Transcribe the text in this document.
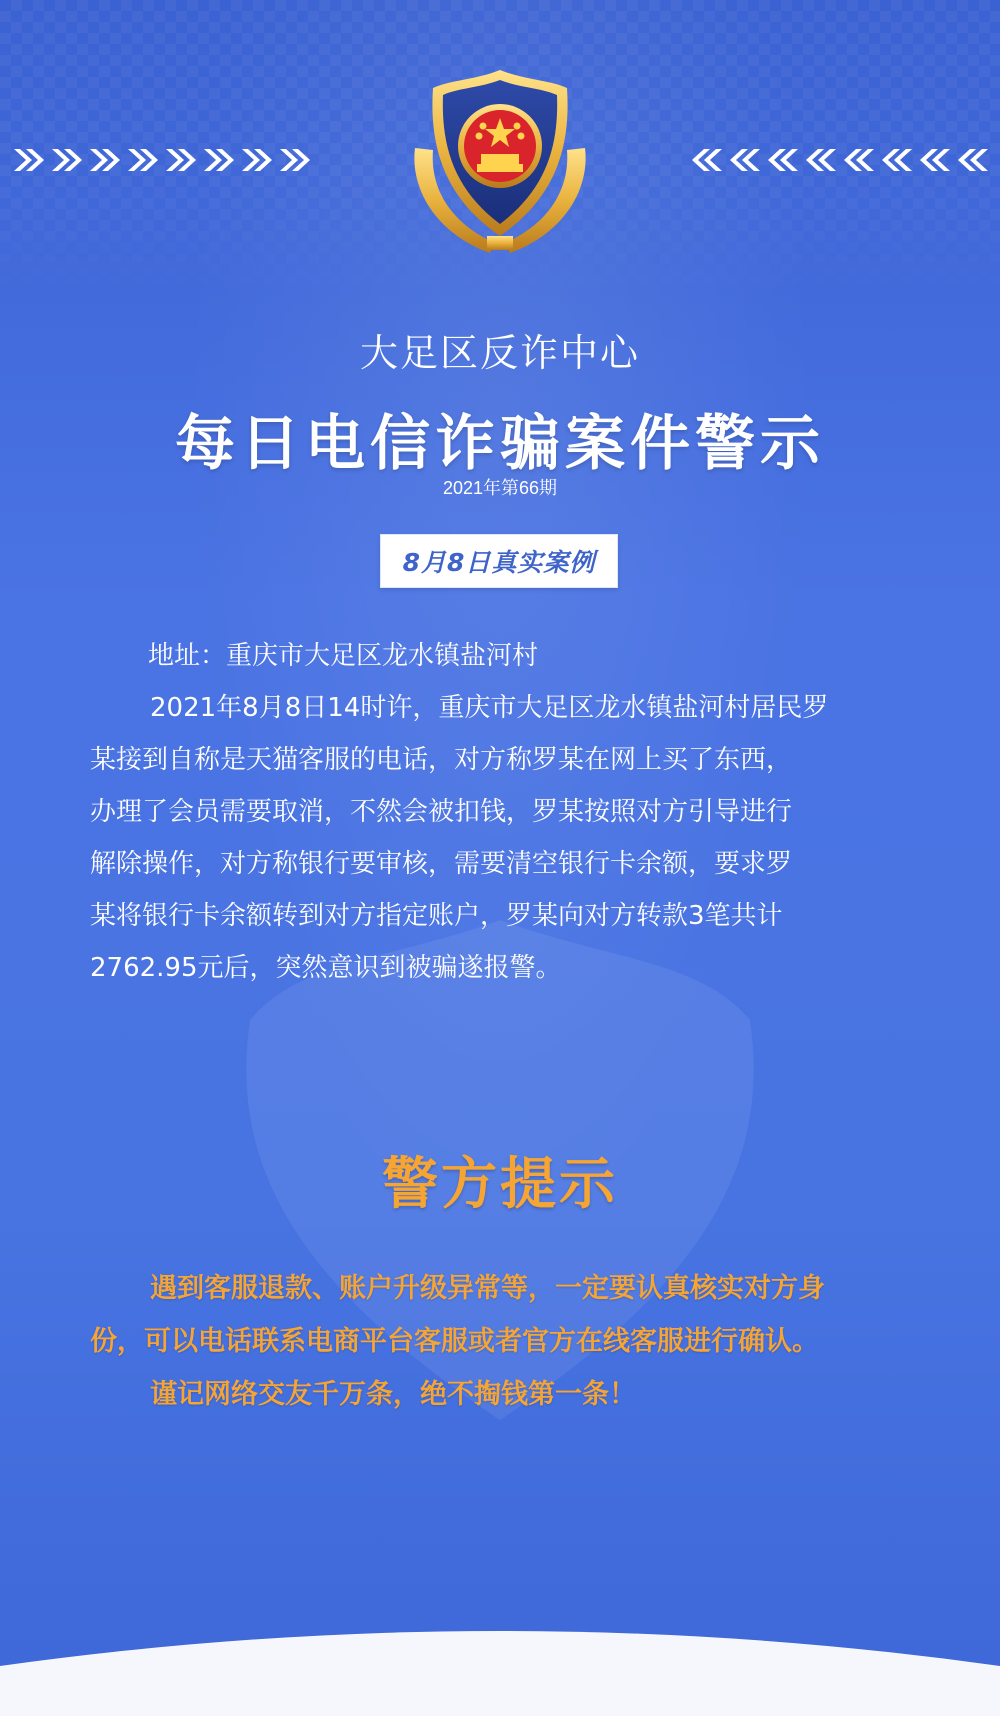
大足区反诈中心
每日电信诈骗案件警示
2021年第66期
8月8日真实案例
地址：重庆市大足区龙水镇盐河村
2021年8月8日14时许，重庆市大足区龙水镇盐河村居民罗
某接到自称是天猫客服的电话，对方称罗某在网上买了东西，
办理了会员需要取消，不然会被扣钱，罗某按照对方引导进行
解除操作，对方称银行要审核，需要清空银行卡余额，要求罗
某将银行卡余额转到对方指定账户，罗某向对方转款3笔共计
2762.95元后，突然意识到被骗遂报警。
警方提示
遇到客服退款、账户升级异常等，一定要认真核实对方身
份，可以电话联系电商平台客服或者官方在线客服进行确认。
谨记网络交友千万条，绝不掏钱第一条！
